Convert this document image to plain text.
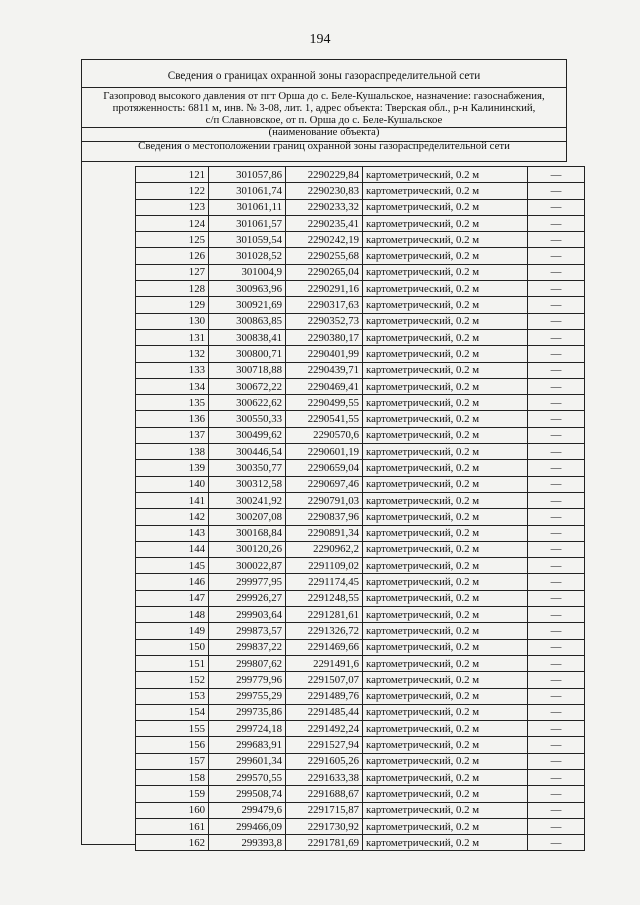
194
Сведения о границах охранной зоны газораспределительной сети
Газопровод высокого давления от пгт Орша до с. Беле-Кушальское, назначение: газоснабжения,
протяженность: 6811 м, инв. № 3-08, лит. 1, адрес объекта: Тверская обл., р-н Калининский,
с/п Славновское, от п. Орша до с. Беле-Кушальское
(наименование объекта)
Сведения о местоположении границ охранной зоны газораспределительной сети
121	301057,86	2290229,84	картометрический, 0.2 м	—
122	301061,74	2290230,83	картометрический, 0.2 м	—
123	301061,11	2290233,32	картометрический, 0.2 м	—
124	301061,57	2290235,41	картометрический, 0.2 м	—
125	301059,54	2290242,19	картометрический, 0.2 м	—
126	301028,52	2290255,68	картометрический, 0.2 м	—
127	301004,9	2290265,04	картометрический, 0.2 м	—
128	300963,96	2290291,16	картометрический, 0.2 м	—
129	300921,69	2290317,63	картометрический, 0.2 м	—
130	300863,85	2290352,73	картометрический, 0.2 м	—
131	300838,41	2290380,17	картометрический, 0.2 м	—
132	300800,71	2290401,99	картометрический, 0.2 м	—
133	300718,88	2290439,71	картометрический, 0.2 м	—
134	300672,22	2290469,41	картометрический, 0.2 м	—
135	300622,62	2290499,55	картометрический, 0.2 м	—
136	300550,33	2290541,55	картометрический, 0.2 м	—
137	300499,62	2290570,6	картометрический, 0.2 м	—
138	300446,54	2290601,19	картометрический, 0.2 м	—
139	300350,77	2290659,04	картометрический, 0.2 м	—
140	300312,58	2290697,46	картометрический, 0.2 м	—
141	300241,92	2290791,03	картометрический, 0.2 м	—
142	300207,08	2290837,96	картометрический, 0.2 м	—
143	300168,84	2290891,34	картометрический, 0.2 м	—
144	300120,26	2290962,2	картометрический, 0.2 м	—
145	300022,87	2291109,02	картометрический, 0.2 м	—
146	299977,95	2291174,45	картометрический, 0.2 м	—
147	299926,27	2291248,55	картометрический, 0.2 м	—
148	299903,64	2291281,61	картометрический, 0.2 м	—
149	299873,57	2291326,72	картометрический, 0.2 м	—
150	299837,22	2291469,66	картометрический, 0.2 м	—
151	299807,62	2291491,6	картометрический, 0.2 м	—
152	299779,96	2291507,07	картометрический, 0.2 м	—
153	299755,29	2291489,76	картометрический, 0.2 м	—
154	299735,86	2291485,44	картометрический, 0.2 м	—
155	299724,18	2291492,24	картометрический, 0.2 м	—
156	299683,91	2291527,94	картометрический, 0.2 м	—
157	299601,34	2291605,26	картометрический, 0.2 м	—
158	299570,55	2291633,38	картометрический, 0.2 м	—
159	299508,74	2291688,67	картометрический, 0.2 м	—
160	299479,6	2291715,87	картометрический, 0.2 м	—
161	299466,09	2291730,92	картометрический, 0.2 м	—
162	299393,8	2291781,69	картометрический, 0.2 м	—
